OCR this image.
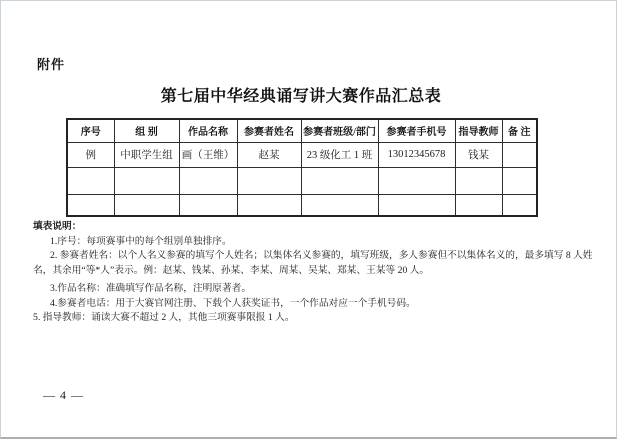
附件
第七届中华经典诵写讲大赛作品汇总表
序号	组 别	作品名称	参赛者姓名	参赛者班级/部门	参赛者手机号	指导教师	备 注
例	中职学生组	画（王维）	赵某	23 级化工 1 班	13012345678	钱某	

填表说明：

1.序号：每项赛事中的每个组别单独排序。

2. 参赛者姓名：以个人名义参赛的填写个人姓名；以集体名义参赛的，填写班级，多人参赛但不以集体名义的，最多填写 8 人姓名，其余用“等*人”表示。例：赵某、钱某、孙某、李某、周某、吴某、郑某、王某等 20 人。

3.作品名称：准确填写作品名称，注明原著者。

4.参赛者电话：用于大赛官网注册、下载个人获奖证书，一个作品对应一个手机号码。

5. 指导教师：诵读大赛不超过 2 人，其他三项赛事限报 1 人。

— 4 —
